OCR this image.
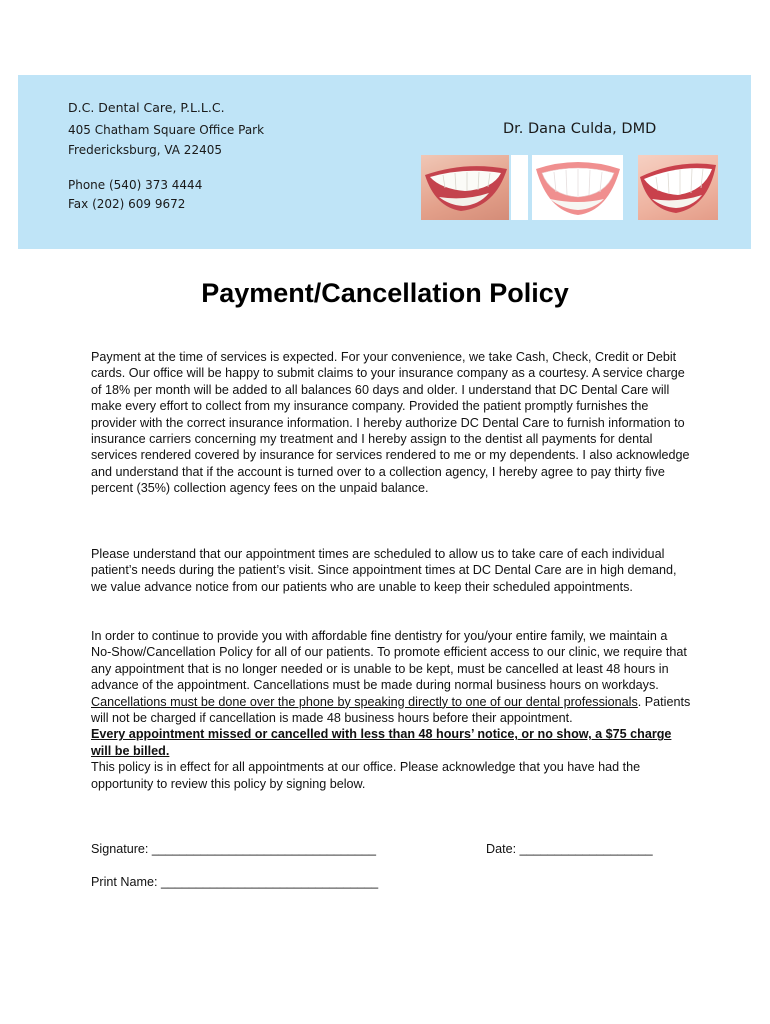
D.C. Dental Care, P.L.L.C.
405 Chatham Square Office Park
Fredericksburg, VA 22405
Phone (540) 373 4444
Fax (202) 609 9672
Dr. Dana Culda, DMD
Payment/Cancellation Policy
Payment at the time of services is expected. For your convenience, we take Cash, Check, Credit or Debit cards. Our office will be happy to submit claims to your insurance company as a courtesy. A service charge of 18% per month will be added to all balances 60 days and older. I understand that DC Dental Care will make every effort to collect from my insurance company. Provided the patient promptly furnishes the provider with the correct insurance information. I hereby authorize DC Dental Care to furnish information to insurance carriers concerning my treatment and I hereby assign to the dentist all payments for dental services rendered covered by insurance for services rendered to me or my dependents. I also acknowledge and understand that if the account is turned over to a collection agency, I hereby agree to pay thirty five percent (35%) collection agency fees on the unpaid balance.
Please understand that our appointment times are scheduled to allow us to take care of each individual patient’s needs during the patient’s visit. Since appointment times at DC Dental Care are in high demand, we value advance notice from our patients who are unable to keep their scheduled appointments.
In order to continue to provide you with affordable fine dentistry for you/your entire family, we maintain a No-Show/Cancellation Policy for all of our patients. To promote efficient access to our clinic, we require that any appointment that is no longer needed or is unable to be kept, must be cancelled at least 48 hours in advance of the appointment. Cancellations must be made during normal business hours on workdays. Cancellations must be done over the phone by speaking directly to one of our dental professionals. Patients will not be charged if cancellation is made 48 business hours before their appointment.
Every appointment missed or cancelled with less than 48 hours’ notice, or no show, a $75 charge will be billed.
This policy is in effect for all appointments at our office. Please acknowledge that you have had the opportunity to review this policy by signing below.
Signature: ________________________________	Date: ___________________
Print Name: _______________________________
